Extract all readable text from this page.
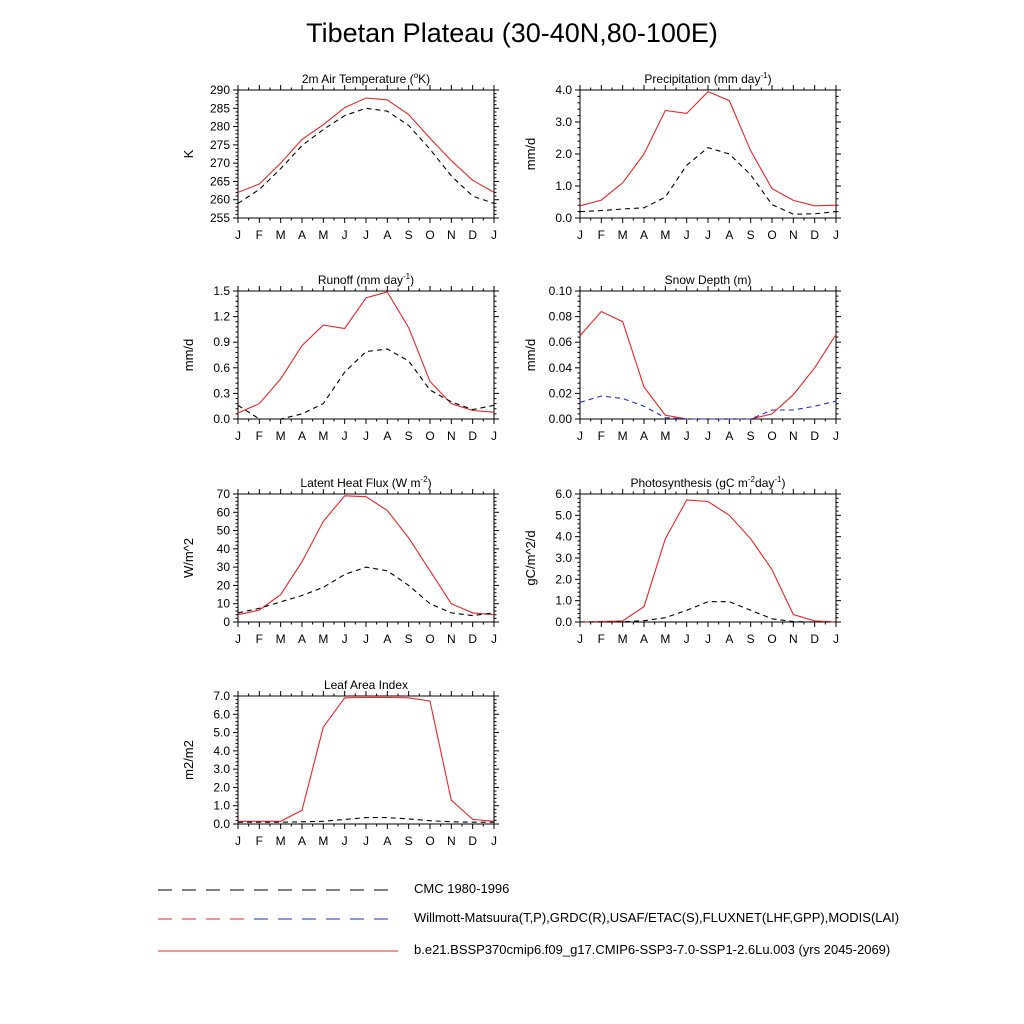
Tibetan Plateau (30-40N,80-100E)
2m Air Temperature ($^o$K)
K
J F M A M J J A S O N D J
255
260
265
270
275
280
285
290
Precipitation (mm day$^{-1}$)
mm/d
J F M A M J J A S O N D J
0.0
1.0
2.0
3.0
4.0
Runoff (mm day$^{-1}$)
mm/d
J F M A M J J A S O N D J
0.0
0.3
0.6
0.9
1.2
1.5
Snow Depth (m)
mm/d
J F M A M J J A S O N D J
0.00
0.02
0.04
0.06
0.08
0.10
Latent Heat Flux (W $m^{-2}$)
W/m^2
J F M A M J J A S O N D J
0
10
20
30
40
50
60
70
Photosynthesis (gC $m^{-2}day^{-1}$)
gC/m^2/d
J F M A M J J A S O N D J
0.0
1.0
2.0
3.0
4.0
5.0
6.0
Leaf Area Index
m2/m2
J F M A M J J A S O N D J
0.0
1.0
2.0
3.0
4.0
5.0
6.0
7.0
CMC 1980-1996
Willmott-Matsuura(T,P),GRDC(R),USAF/ETAC(S),FLUXNET(LHF,GPP),MODIS(LAI)
b.e21.BSSP370cmip6.f09_g17.CMIP6-SSP3-7.0-SSP1-2.6Lu.003 (yrs 2045-2069)
